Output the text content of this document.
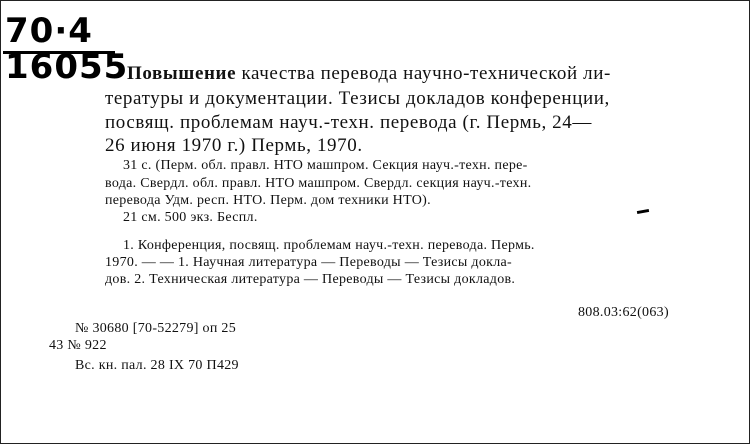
70·4
16055
Повышение качества перевода научно-технической ли-
тературы и документации. Тезисы докладов конференции,
посвящ. проблемам науч.-техн. перевода (г. Пермь, 24—
26 июня 1970 г.) Пермь, 1970.
31 с. (Перм. обл. правл. НТО машпром. Секция науч.-техн. пере-
вода. Свердл. обл. правл. НТО машпром. Свердл. секция науч.-техн.
перевода Удм. респ. НТО. Перм. дом техники НТО).
21 см. 500 экз. Беспл.
1. Конференция, посвящ. проблемам науч.-техн. перевода. Пермь.
1970. — — 1. Научная литература — Переводы — Тезисы доклa-
дов. 2. Техническая литература — Переводы — Тезисы докладов.
808.03:62(063)
№ 30680 [70-52279] оп 25
43 № 922
Вс. кн. пал. 28 IX 70 П429
